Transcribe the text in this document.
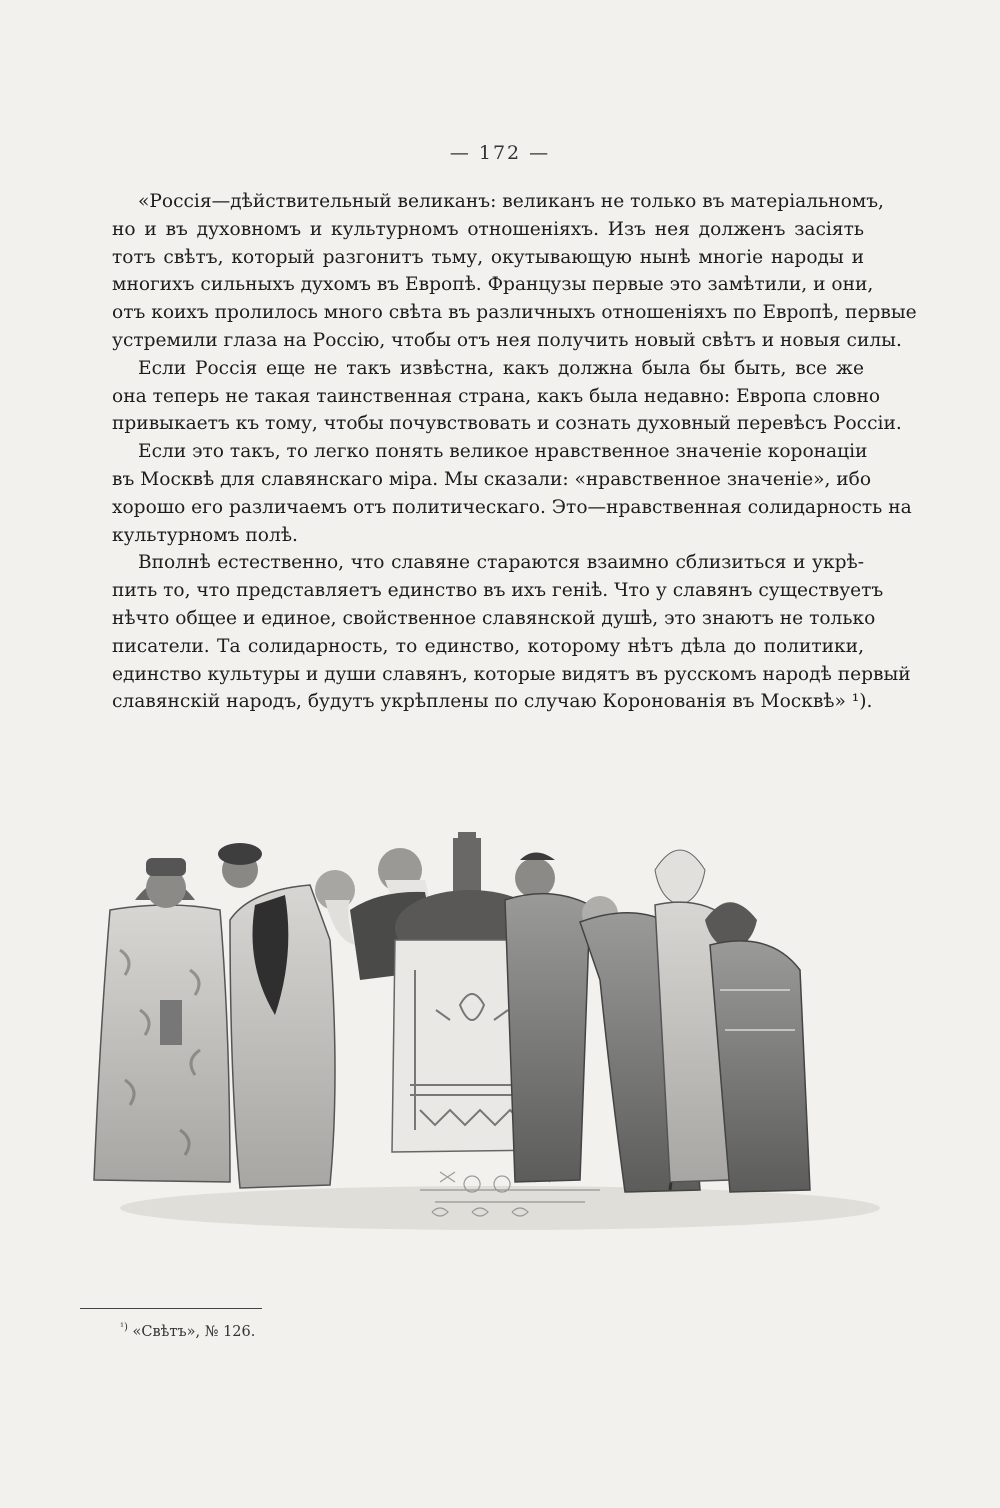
— 172 —
«Россія—дѣйствительный великанъ: великанъ не только въ матеріальномъ,
но и въ духовномъ и культурномъ отношеніяхъ. Изъ нея долженъ засіять
тотъ свѣтъ, который разгонитъ тьму, окутывающую нынѣ многіе народы и
многихъ сильныхъ духомъ въ Европѣ. Французы первые это замѣтили, и они,
отъ коихъ пролилось много свѣта въ различныхъ отношеніяхъ по Европѣ, первые
устремили глаза на Россію, чтобы отъ нея получить новый свѣтъ и новыя силы.
Если Россія еще не такъ извѣстна, какъ должна была бы быть, все же
она теперь не такая таинственная страна, какъ была недавно: Европа словно
привыкаетъ къ тому, чтобы почувствовать и сознать духовный перевѣсъ Россіи.
Если это такъ, то легко понять великое нравственное значеніе коронаціи
въ Москвѣ для славянскаго міра. Мы сказали: «нравственное значеніе», ибо
хорошо его различаемъ отъ политическаго. Это—нравственная солидарность на
культурномъ полѣ.
Вполнѣ естественно, что славяне стараются взаимно сблизиться и укрѣ-
пить то, что представляетъ единство въ ихъ геніѣ. Что у славянъ существуетъ
нѣчто общее и единое, свойственное славянской душѣ, это знаютъ не только
писатели. Та солидарность, то единство, которому нѣтъ дѣла до политики,
единство культуры и души славянъ, которые видятъ въ русскомъ народѣ первый
славянскій народъ, будутъ укрѣплены по случаю Коронованія въ Москвѣ» ¹).
$^{^1)}$ «Свѣтъ», № 126.
